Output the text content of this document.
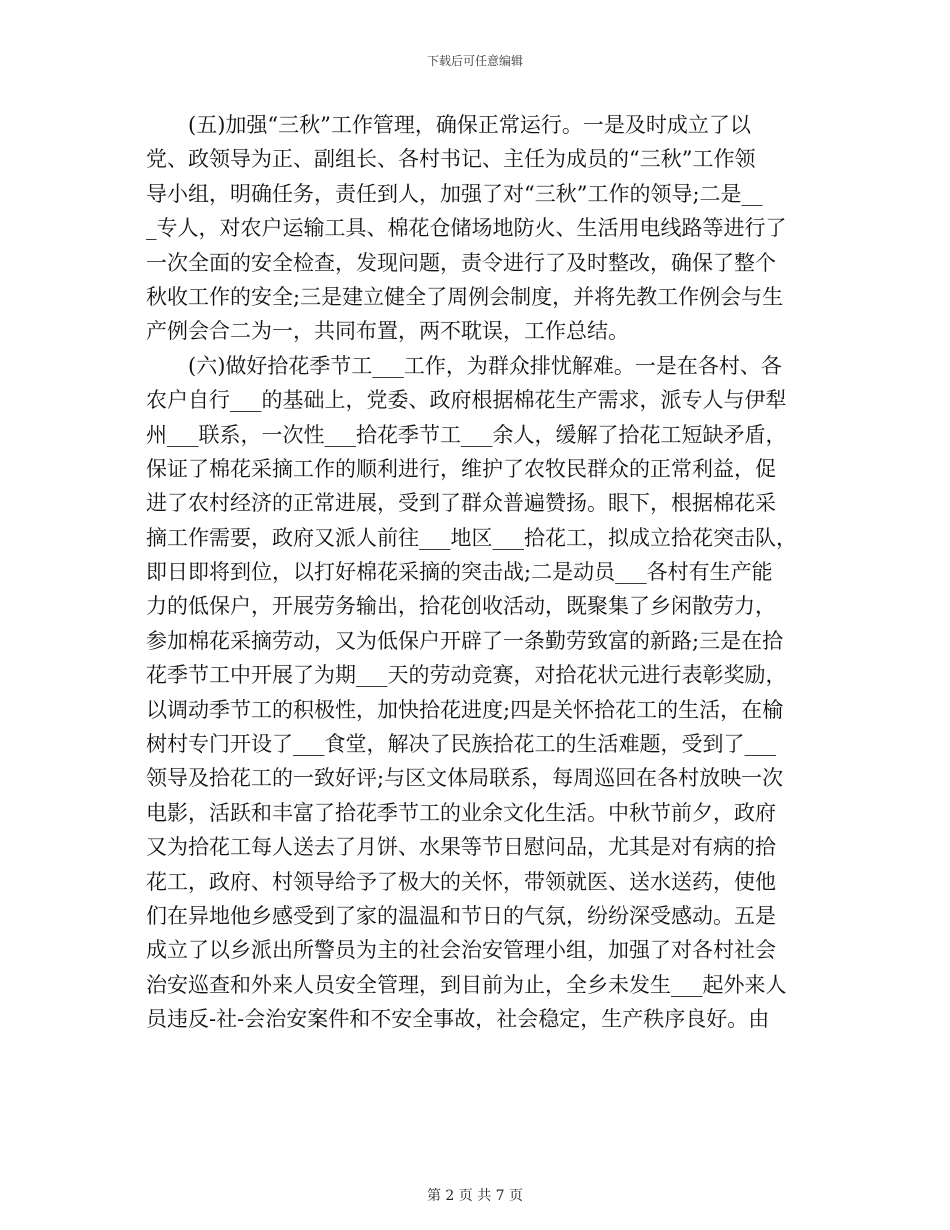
下载后可任意编辑
(五)加强“三秋”工作管理，确保正常运行。一是及时成立了以
党、政领导为正、副组长、各村书记、主任为成员的“三秋”工作领
导小组，明确任务，责任到人，加强了对“三秋”工作的领导;二是__
_专人，对农户运输工具、棉花仓储场地防火、生活用电线路等进行了
一次全面的安全检查，发现问题，责令进行了及时整改，确保了整个
秋收工作的安全;三是建立健全了周例会制度，并将先教工作例会与生
产例会合二为一，共同布置，两不耽误，工作总结。
(六)做好拾花季节工___工作，为群众排忧解难。一是在各村、各
农户自行___的基础上，党委、政府根据棉花生产需求，派专人与伊犁
州___联系，一次性___拾花季节工___余人，缓解了拾花工短缺矛盾，
保证了棉花采摘工作的顺利进行，维护了农牧民群众的正常利益，促
进了农村经济的正常进展，受到了群众普遍赞扬。眼下，根据棉花采
摘工作需要，政府又派人前往___地区___拾花工，拟成立拾花突击队，
即日即将到位，以打好棉花采摘的突击战;二是动员___各村有生产能
力的低保户，开展劳务输出，拾花创收活动，既聚集了乡闲散劳力，
参加棉花采摘劳动，又为低保户开辟了一条勤劳致富的新路;三是在拾
花季节工中开展了为期___天的劳动竞赛，对拾花状元进行表彰奖励，
以调动季节工的积极性，加快拾花进度;四是关怀拾花工的生活，在榆
树村专门开设了___食堂，解决了民族拾花工的生活难题，受到了___
领导及拾花工的一致好评;与区文体局联系，每周巡回在各村放映一次
电影，活跃和丰富了拾花季节工的业余文化生活。中秋节前夕，政府
又为拾花工每人送去了月饼、水果等节日慰问品，尤其是对有病的拾
花工，政府、村领导给予了极大的关怀，带领就医、送水送药，使他
们在异地他乡感受到了家的温温和节日的气氛，纷纷深受感动。五是
成立了以乡派出所警员为主的社会治安管理小组，加强了对各村社会
治安巡查和外来人员安全管理，到目前为止，全乡未发生___起外来人
员违反-社-会治安案件和不安全事故，社会稳定，生产秩序良好。由
第 2 页 共 7 页
